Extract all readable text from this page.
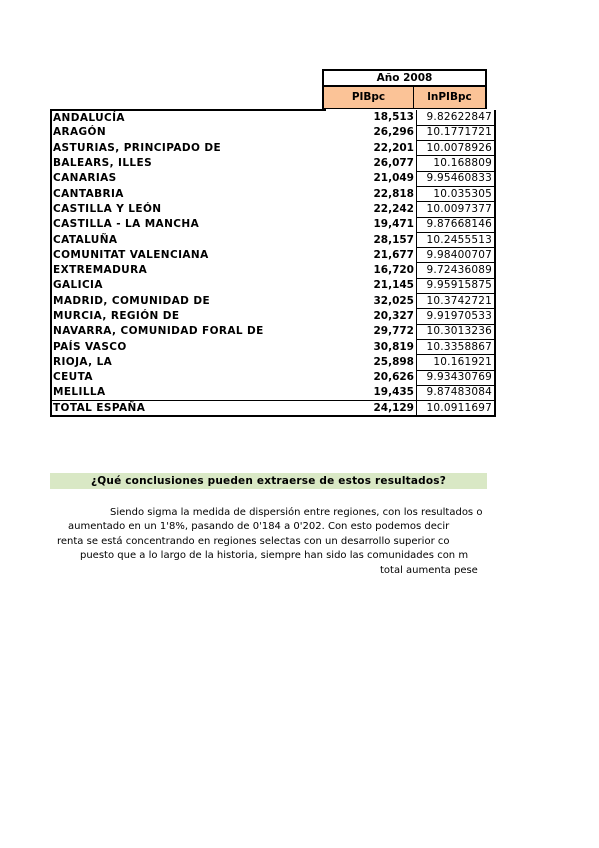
Año 2008
PIBpc	lnPIBpc
ANDALUCÍA	18,513	9.82622847
ARAGÓN	26,296	10.1771721
ASTURIAS, PRINCIPADO DE	22,201	10.0078926
BALEARS, ILLES	26,077	10.168809
CANARIAS	21,049	9.95460833
CANTABRIA	22,818	10.035305
CASTILLA Y LEÓN	22,242	10.0097377
CASTILLA - LA MANCHA	19,471	9.87668146
CATALUÑA	28,157	10.2455513
COMUNITAT VALENCIANA	21,677	9.98400707
EXTREMADURA	16,720	9.72436089
GALICIA	21,145	9.95915875
MADRID, COMUNIDAD DE	32,025	10.3742721
MURCIA, REGIÓN DE	20,327	9.91970533
NAVARRA, COMUNIDAD FORAL DE	29,772	10.3013236
PAÍS VASCO	30,819	10.3358867
RIOJA, LA	25,898	10.161921
CEUTA	20,626	9.93430769
MELILLA	19,435	9.87483084
TOTAL ESPAÑA	24,129	10.0911697
¿Qué conclusiones pueden extraerse de estos resultados?
Siendo sigma la medida de dispersión entre regiones, con los resultados o
aumentado en un 1'8%, pasando de 0'184 a 0'202. Con esto podemos decir
renta se está concentrando en regiones selectas con un desarrollo superior co
puesto que a lo largo de la historia, siempre han sido las comunidades con m
total aumenta pese
